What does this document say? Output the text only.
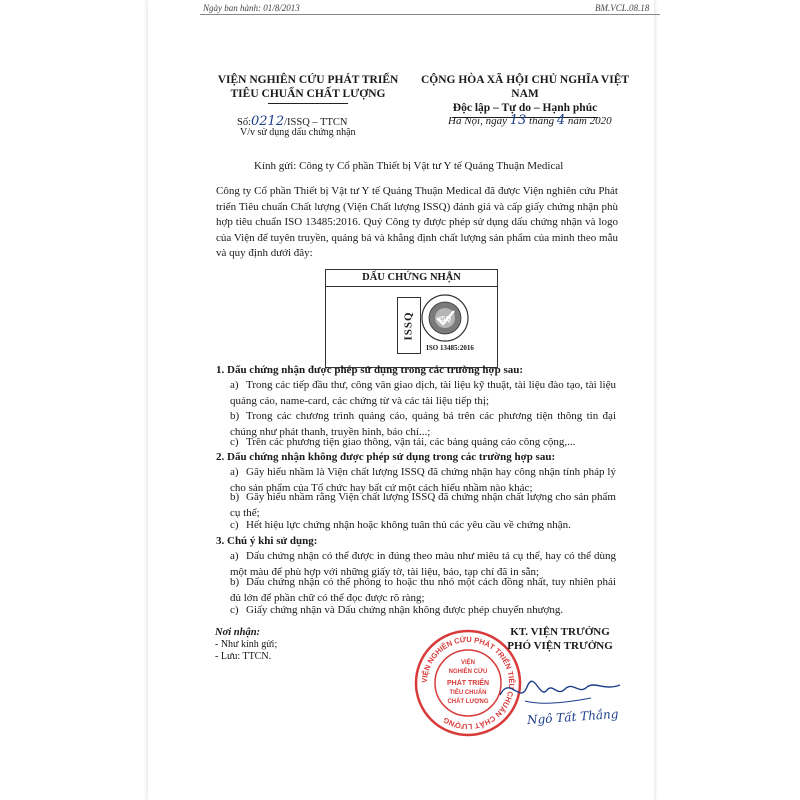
Ngày ban hành: 01/8/2013	BM.VCL.08.18
VIỆN NGHIÊN CỨU PHÁT TRIỂN
TIÊU CHUẨN CHẤT LƯỢNG
CỘNG HÒA XÃ HỘI CHỦ NGHĨA VIỆT NAM
Độc lập – Tự do – Hạnh phúc
Số:0212/ISSQ – TTCN
V/v sử dụng dấu chứng nhận
Hà Nội, ngày 13 tháng 4 năm 2020
Kính gửi: Công ty Cổ phần Thiết bị Vật tư Y tế Quảng Thuận Medical
Công ty Cổ phần Thiết bị Vật tư Y tế Quảng Thuận Medical đã được Viện nghiên cứu Phát triển Tiêu chuẩn Chất lượng (Viện Chất lượng ISSQ) đánh giá và cấp giấy chứng nhận phù hợp tiêu chuẩn ISO 13485:2016. Quý Công ty được phép sử dụng dấu chứng nhận và logo của Viện để tuyên truyền, quảng bá và khẳng định chất lượng sản phẩm của mình theo mẫu và quy định dưới đây:
DẤU CHỨNG NHẬN
ISSQ	ISQ
ISO 13485:2016
1. Dấu chứng nhận được phép sử dụng trong các trường hợp sau:
a) Trong các tiếp đầu thư, công văn giao dịch, tài liệu kỹ thuật, tài liệu đào tạo, tài liệu quảng cáo, name-card, các chứng từ và các tài liệu tiếp thị;
b) Trong các chương trình quảng cáo, quảng bá trên các phương tiện thông tin đại chúng như phát thanh, truyền hình, báo chí...;
c) Trên các phương tiện giao thông, vận tải, các bảng quảng cáo công cộng,...
2. Dấu chứng nhận không được phép sử dụng trong các trường hợp sau:
a) Gây hiểu nhầm là Viện chất lượng ISSQ đã chứng nhận hay công nhận tính pháp lý cho sản phẩm của Tổ chức hay bất cứ một cách hiểu nhầm nào khác;
b) Gây hiểu nhầm rằng Viện chất lượng ISSQ đã chứng nhận chất lượng cho sản phẩm cụ thể;
c) Hết hiệu lực chứng nhận hoặc không tuân thủ các yêu cầu về chứng nhận.
3. Chú ý khi sử dụng:
a) Dấu chứng nhận có thể được in đúng theo màu như miêu tả cụ thể, hay có thể dùng một màu để phù hợp với những giấy tờ, tài liệu, báo, tạp chí đã in sẵn;
b) Dấu chứng nhận có thể phóng to hoặc thu nhỏ một cách đồng nhất, tuy nhiên phải đủ lớn để phần chữ có thể đọc được rõ ràng;
c) Giấy chứng nhận và Dấu chứng nhận không được phép chuyển nhượng.
Nơi nhận:
- Như kính gửi;
- Lưu: TTCN.
VIỆN NGHIÊN CỨU PHÁT TRIỂN TIÊU CHUẨN CHẤT LƯỢNG
VIỆN
NGHIÊN CỨU
PHÁT TRIỂN
TIÊU CHUẨN
CHẤT LƯỢNG
KT. VIỆN TRƯỞNG
PHÓ VIỆN TRƯỞNG
Ngô Tất Thắng
